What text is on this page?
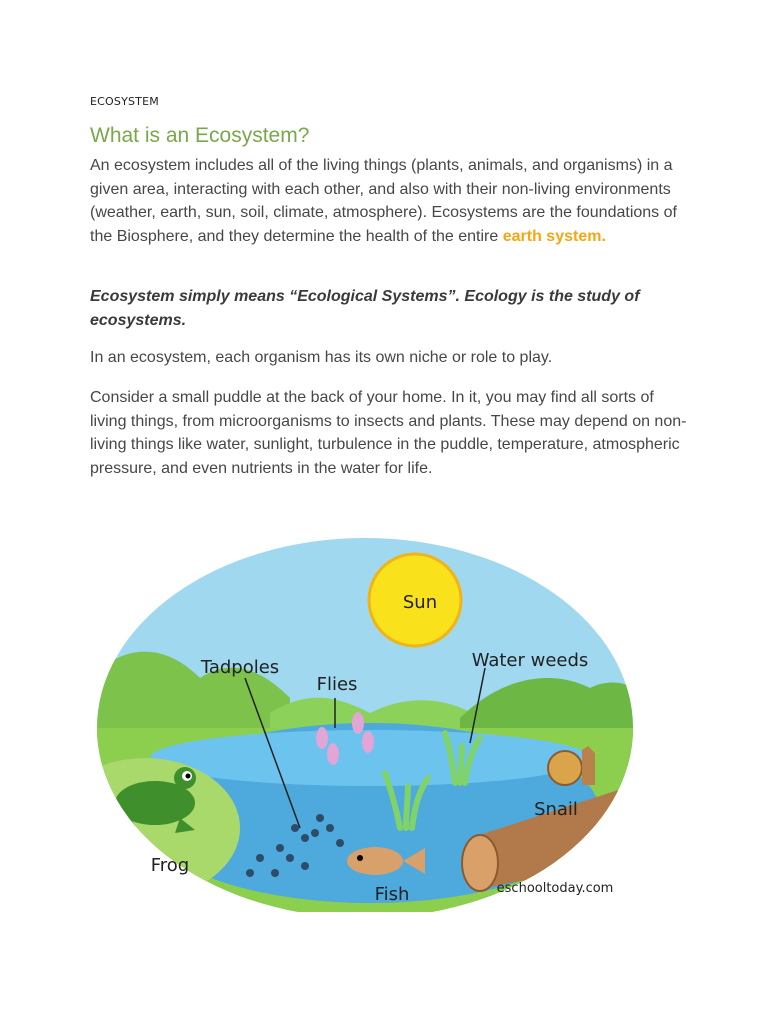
ECOSYSTEM
What is an Ecosystem?
An ecosystem includes all of the living things (plants, animals, and organisms) in a given area, interacting with each other, and also with their non-living environments (weather, earth, sun, soil, climate, atmosphere). Ecosystems are the foundations of the Biosphere, and they determine the health of the entire earth system.
Ecosystem simply means “Ecological Systems”. Ecology is the study of ecosystems.
In an ecosystem, each organism has its own niche or role to play.
Consider a small puddle at the back of your home. In it, you may find all sorts of living things, from microorganisms to insects and plants. These may depend on non-living things like water, sunlight, turbulence in the puddle, temperature, atmospheric pressure, and even nutrients in the water for life.
Sun
Tadpoles
Flies
Water weeds
Snail
Frog
Fish	eschooltoday.com
